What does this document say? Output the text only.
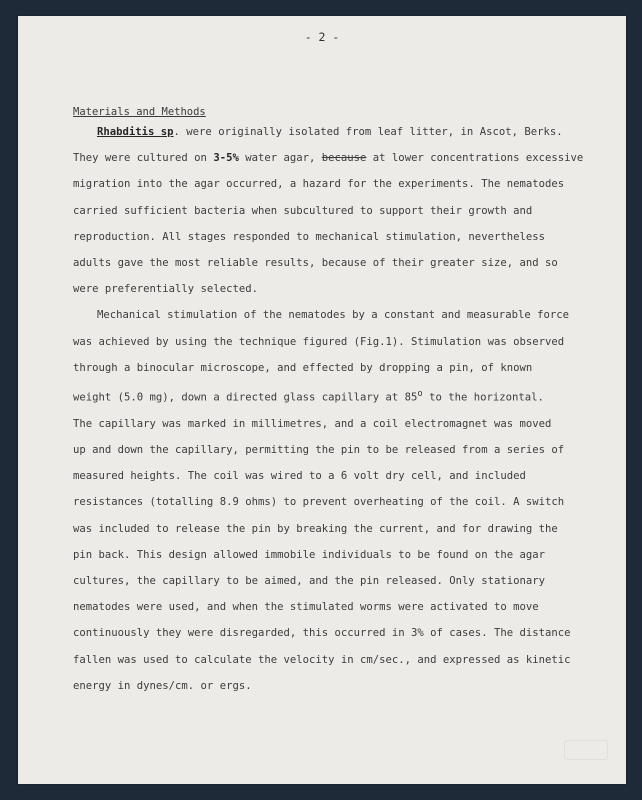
- 2 -
Materials and Methods

Rhabditis sp. were originally isolated from leaf litter, in Ascot, Berks.
They were cultured on 3-5% water agar, because at lower concentrations excessive
migration into the agar occurred, a hazard for the experiments. The nematodes
carried sufficient bacteria when subcultured to support their growth and
reproduction. All stages responded to mechanical stimulation, nevertheless
adults gave the most reliable results, because of their greater size, and so
were preferentially selected.

Mechanical stimulation of the nematodes by a constant and measurable force
was achieved by using the technique figured (Fig.1). Stimulation was observed
through a binocular microscope, and effected by dropping a pin, of known
weight (5.0 mg), down a directed glass capillary at 85$^o$ to the horizontal.
The capillary was marked in millimetres, and a coil electromagnet was moved
up and down the capillary, permitting the pin to be released from a series of
measured heights. The coil was wired to a 6 volt dry cell, and included
resistances (totalling 8.9 ohms) to prevent overheating of the coil. A switch
was included to release the pin by breaking the current, and for drawing the
pin back. This design allowed immobile individuals to be found on the agar
cultures, the capillary to be aimed, and the pin released. Only stationary
nematodes were used, and when the stimulated worms were activated to move
continuously they were disregarded, this occurred in 3% of cases. The distance
fallen was used to calculate the velocity in cm/sec., and expressed as kinetic
energy in dynes/cm. or ergs.
